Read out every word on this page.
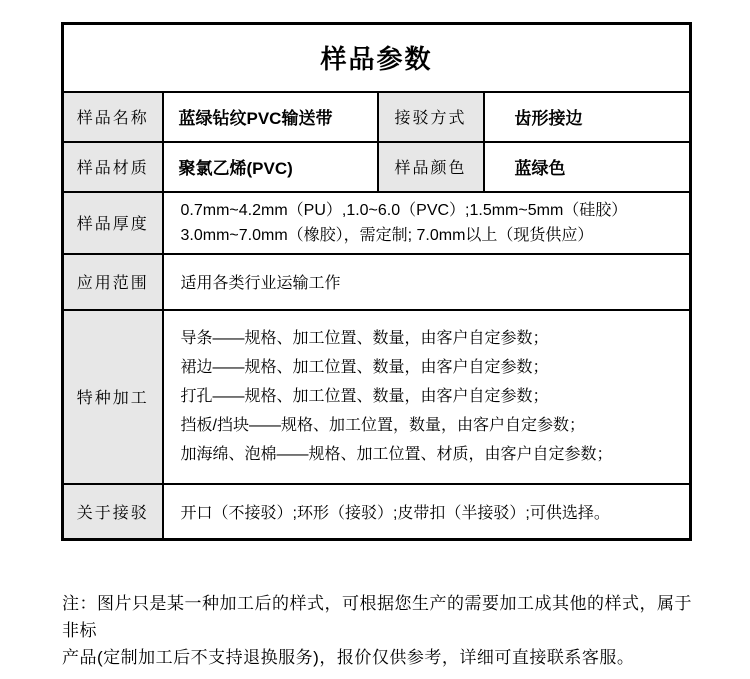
样品参数			
样品名称	蓝绿钻纹PVC输送带	接驳方式	齿形接边
样品材质	聚氯乙烯(PVC)	样品颜色	蓝绿色
样品厚度	0.7mm~4.2mm（PU）,1.0~6.0（PVC）;1.5mm~5mm（硅胶）
3.0mm~7.0mm（橡胶），需定制; 7.0mm以上（现货供应）		

应用范围	适用各类行业运输工作		
特种加工	导条——规格、加工位置、数量，由客户自定参数；
裙边——规格、加工位置、数量，由客户自定参数；
打孔——规格、加工位置、数量，由客户自定参数；
挡板/挡块——规格、加工位置，数量，由客户自定参数；
加海绵、泡棉——规格、加工位置、材质，由客户自定参数；		

关于接驳	开口（不接驳）;环形（接驳）;皮带扣（半接驳）;可供选择。		
注：图片只是某一种加工后的样式，可根据您生产的需要加工成其他的样式，属于非标
产品(定制加工后不支持退换服务)，报价仅供参考，详细可直接联系客服。
